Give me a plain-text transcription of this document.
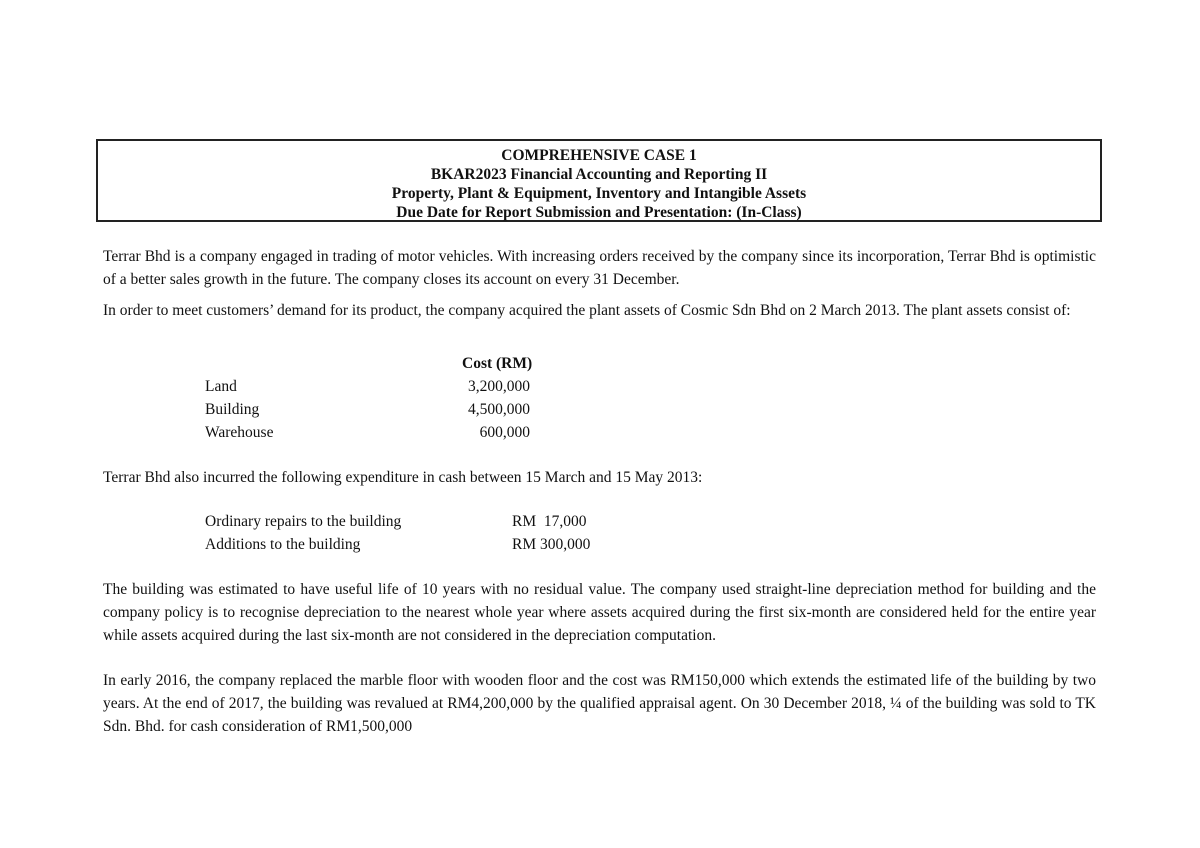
COMPREHENSIVE CASE 1
BKAR2023 Financial Accounting and Reporting II
Property, Plant & Equipment, Inventory and Intangible Assets
Due Date for Report Submission and Presentation: (In-Class)

Terrar Bhd is a company engaged in trading of motor vehicles. With increasing orders received by the company since its incorporation, Terrar Bhd is optimistic of a better sales growth in the future. The company closes its account on every 31 December.

In order to meet customers’ demand for its product, the company acquired the plant assets of Cosmic Sdn Bhd on 2 March 2013. The plant assets consist of:

Cost (RM)
Land	3,200,000
Building	4,500,000
Warehouse	600,000

Terrar Bhd also incurred the following expenditure in cash between 15 March and 15 May 2013:

Ordinary repairs to the building	RM  17,000
Additions to the building	RM 300,000

The building was estimated to have useful life of 10 years with no residual value. The company used straight-line depreciation method for building and the company policy is to recognise depreciation to the nearest whole year where assets acquired during the first six-month are considered held for the entire year while assets acquired during the last six-month are not considered in the depreciation computation.

In early 2016, the company replaced the marble floor with wooden floor and the cost was RM150,000 which extends the estimated life of the building by two years. At the end of 2017, the building was revalued at RM4,200,000 by the qualified appraisal agent. On 30 December 2018, ¼ of the building was sold to TK Sdn. Bhd. for cash consideration of RM1,500,000
